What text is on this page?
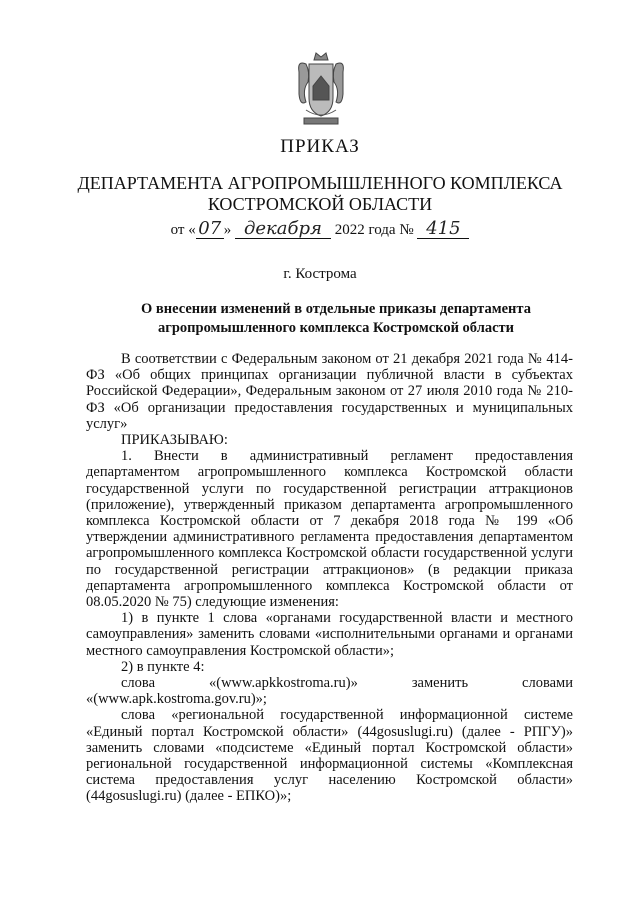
ПРИКАЗ
ДЕПАРТАМЕНТА АГРОПРОМЫШЛЕННОГО КОМПЛЕКСА
КОСТРОМСКОЙ ОБЛАСТИ
от « 07 » декабря 2022 года № 415
г. Кострома
О внесении изменений в отдельные приказы департамента
агропромышленного комплекса Костромской области

В соответствии с Федеральным законом от 21 декабря 2021 года № 414-ФЗ «Об общих принципах организации публичной власти в субъектах Российской Федерации», Федеральным законом от 27 июля 2010 года № 210-ФЗ «Об организации предоставления государственных и муниципальных услуг»

ПРИКАЗЫВАЮ:

1. Внести в административный регламент предоставления департаментом агропромышленного комплекса Костромской области государственной услуги по государственной регистрации аттракционов (приложение), утвержденный приказом департамента агропромышленного комплекса Костромской области от 7 декабря 2018 года № 199 «Об утверждении административного регламента предоставления департаментом агропромышленного комплекса Костромской области государственной услуги по государственной регистрации аттракционов» (в редакции приказа департамента агропромышленного комплекса Костромской области от 08.05.2020 № 75) следующие изменения:

1) в пункте 1 слова «органами государственной власти и местного самоуправления» заменить словами «исполнительными органами и органами местного самоуправления Костромской области»;

2) в пункте 4:

слова	«(www.apkkostroma.ru)»	заменить	словами

«(www.apk.kostroma.gov.ru)»;

слова «региональной государственной информационной системе «Единый портал Костромской области» (44gosuslugi.ru) (далее - РПГУ)» заменить словами «подсистеме «Единый портал Костромской области» региональной государственной информационной системы «Комплексная система предоставления услуг населению Костромской области» (44gosuslugi.ru) (далее - ЕПКО)»;
